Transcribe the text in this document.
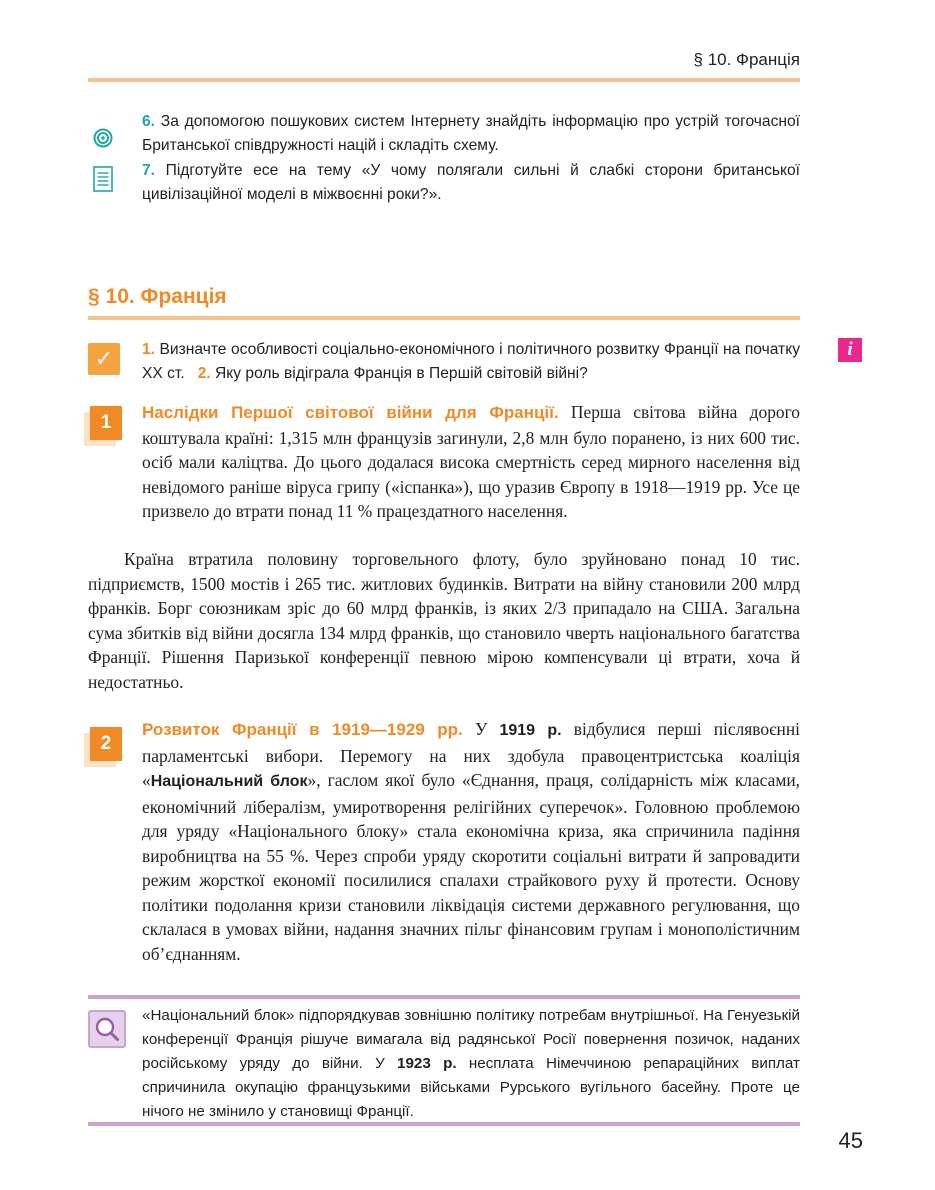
§ 10. Франція
6. За допомогою пошукових систем Інтернету знайдіть інформацію про устрій тогочасної Британської співдружності націй і складіть схему.
7. Підготуйте есе на тему «У чому полягали сильні й слабкі сторони британської цивілізаційної моделі в міжвоєнні роки?».
§ 10. Франція
✓ 1. Визначте особливості соціально-економічного і політичного розвитку Франції на початку ХХ ст. 2. Яку роль відіграла Франція в Першій світовій війні?
i
1	Наслідки Першої світової війни для Франції. Перша світова війна дорого коштувала країні: 1,315 млн французів загинули, 2,8 млн було поранено, із них 600 тис. осіб мали каліцтва. До цього додалася висока смертність серед мирного населення від невідомого раніше віруса грипу («іспанка»), що уразив Європу в 1918—1919 рр. Усе це призвело до втрати понад 11 % працездатного населення.

Країна втратила половину торговельного флоту, було зруйновано понад 10 тис. підприємств, 1500 мостів і 265 тис. житлових будинків. Витрати на війну становили 200 млрд франків. Борг союзникам зріс до 60 млрд франків, із яких 2/3 припадало на США. Загальна сума збитків від війни досягла 134 млрд франків, що становило чверть національного багатства Франції. Рішення Паризької конференції певною мірою компенсували ці втрати, хоча й недостатньо.

2

Розвиток Франції в 1919—1929 рр. У 1919 р. відбулися перші післявоєнні парламентські вибори. Перемогу на них здобула правоцентристська коаліція «Національний блок», гаслом якої було «Єднання, праця, солідарність між класами, економічний лібералізм, умиротворення релігійних суперечок». Головною проблемою для уряду «Національного блоку» стала економічна криза, яка спричинила падіння виробництва на 55 %. Через спроби уряду скоротити соціальні витрати й запровадити режим жорсткої економії посилилися спалахи страйкового руху й протести. Основу політики подолання кризи становили ліквідація системи державного регулювання, що склалася в умовах війни, надання значних пільг фінансовим групам і монополістичним об’єднанням.

«Національний блок» підпорядкував зовнішню політику потребам внутрішньої. На Генуезькій конференції Франція рішуче вимагала від радянської Росії повернення позичок, наданих російському уряду до війни. У 1923 р. несплата Німеччиною репараційних виплат спричинила окупацію французькими військами Рурського вугільного басейну. Проте це нічого не змінило у становищі Франції.
45
